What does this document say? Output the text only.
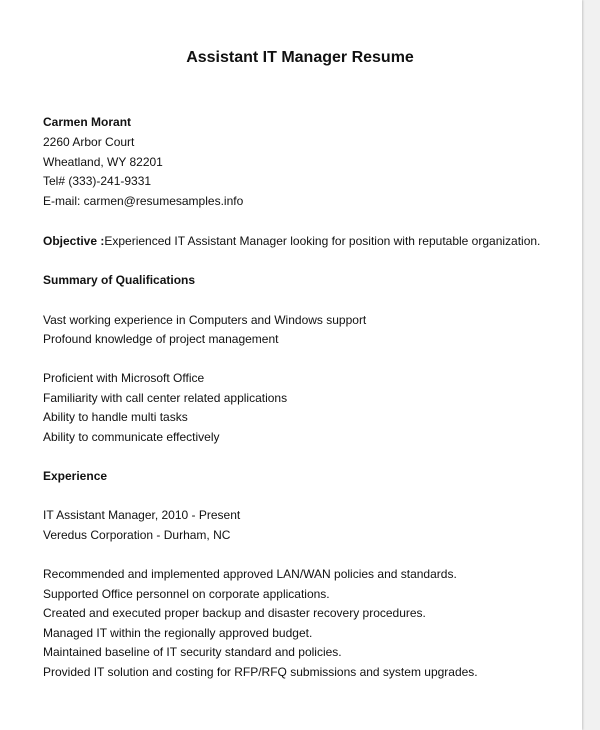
Assistant IT Manager Resume

Carmen Morant

2260 Arbor Court

Wheatland, WY 82201

Tel# (333)-241-9331

E-mail: carmen@resumesamples.info

Objective :Experienced IT Assistant Manager looking for position with reputable organization.

Summary of Qualifications

Vast working experience in Computers and Windows support

Profound knowledge of project management

Proficient with Microsoft Office

Familiarity with call center related applications

Ability to handle multi tasks

Ability to communicate effectively

Experience

IT Assistant Manager, 2010 - Present

Veredus Corporation - Durham, NC

Recommended and implemented approved LAN/WAN policies and standards.

Supported Office personnel on corporate applications.

Created and executed proper backup and disaster recovery procedures.

Managed IT within the regionally approved budget.

Maintained baseline of IT security standard and policies.

Provided IT solution and costing for RFP/RFQ submissions and system upgrades.
